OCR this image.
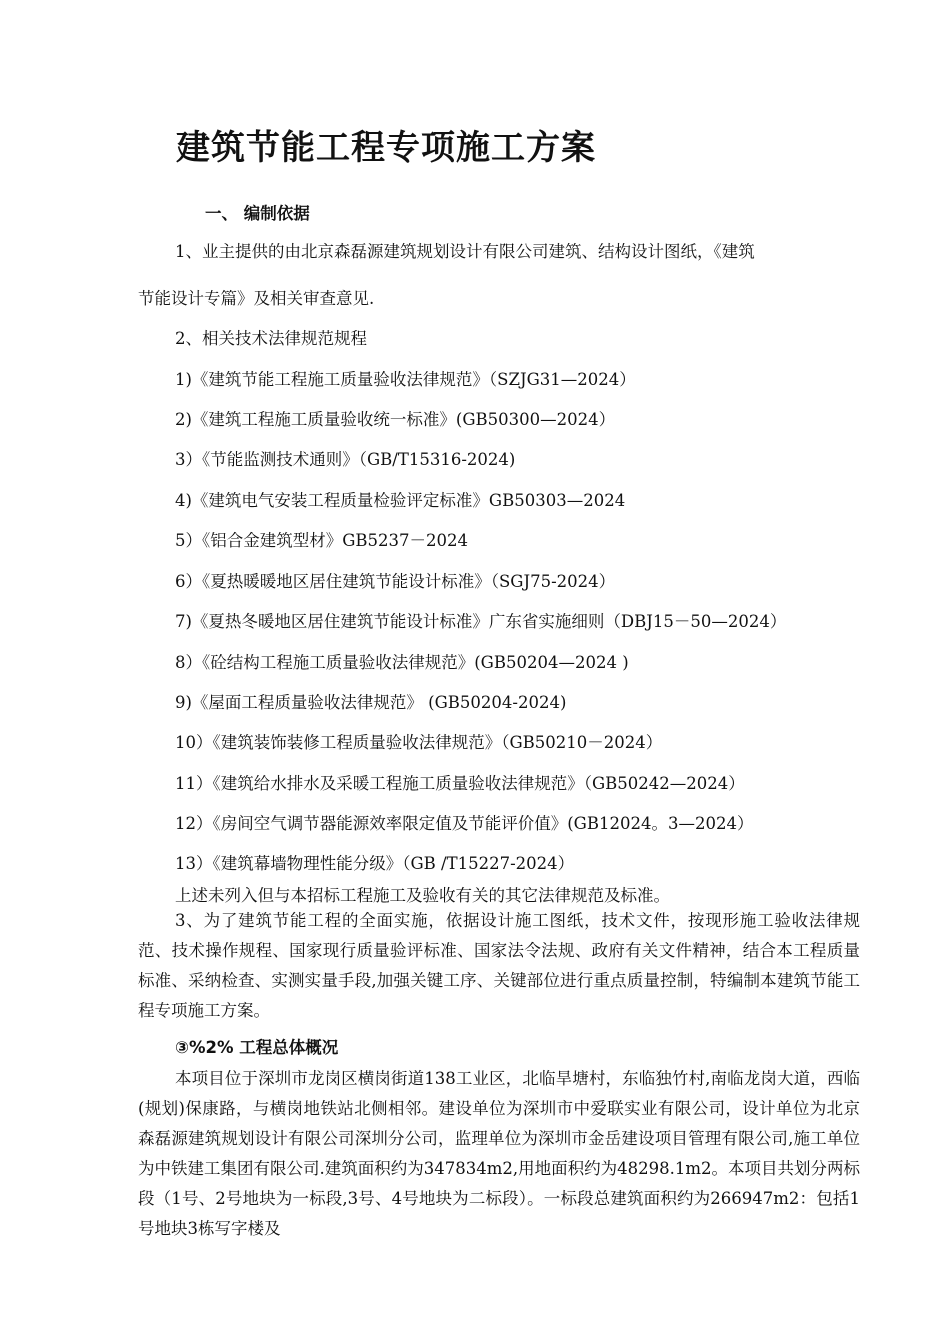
建筑节能工程专项施工方案
一、 编制依据
1、业主提供的由北京森磊源建筑规划设计有限公司建筑、结构设计图纸，《建筑
节能设计专篇》及相关审查意见.
2、相关技术法律规范规程
1)《建筑节能工程施工质量验收法律规范》（SZJG31—2024）
2)《建筑工程施工质量验收统一标准》(GB50300—2024）
3）《节能监测技术通则》（GB/T15316-2024)
4)《建筑电气安装工程质量检验评定标准》GB50303—2024
5）《铝合金建筑型材》GB5237－2024
6）《夏热暖暖地区居住建筑节能设计标准》（SGJ75-2024）
7)《夏热冬暖地区居住建筑节能设计标准》广东省实施细则（DBJ15－50—2024）
8）《砼结构工程施工质量验收法律规范》(GB50204—2024 )
9)《屋面工程质量验收法律规范》 (GB50204-2024)
10）《建筑装饰装修工程质量验收法律规范》（GB50210－2024）
11）《建筑给水排水及采暖工程施工质量验收法律规范》（GB50242—2024）
12）《房间空气调节器能源效率限定值及节能评价值》(GB12024。3—2024）
13）《建筑幕墙物理性能分级》（GB /T15227-2024）
上述未列入但与本招标工程施工及验收有关的其它法律规范及标准。
3、为了建筑节能工程的全面实施，依据设计施工图纸，技术文件，按现形施工验收法律规范、技术操作规程、国家现行质量验评标准、国家法令法规、政府有关文件精神，结合本工程质量标准、采纳检查、实测实量手段,加强关键工序、关键部位进行重点质量控制，特编制本建筑节能工程专项施工方案。
③%2% 工程总体概况
本项目位于深圳市龙岗区横岗街道138工业区，北临旱塘村，东临独竹村,南临龙岗大道，西临(规划)保康路，与横岗地铁站北侧相邻。建设单位为深圳市中爱联实业有限公司，设计单位为北京森磊源建筑规划设计有限公司深圳分公司，监理单位为深圳市金岳建设项目管理有限公司,施工单位为中铁建工集团有限公司.建筑面积约为347834m2,用地面积约为48298.1m2。本项目共划分两标段（1号、2号地块为一标段,3号、4号地块为二标段）。一标段总建筑面积约为266947m2：包括1号地块3栋写字楼及
